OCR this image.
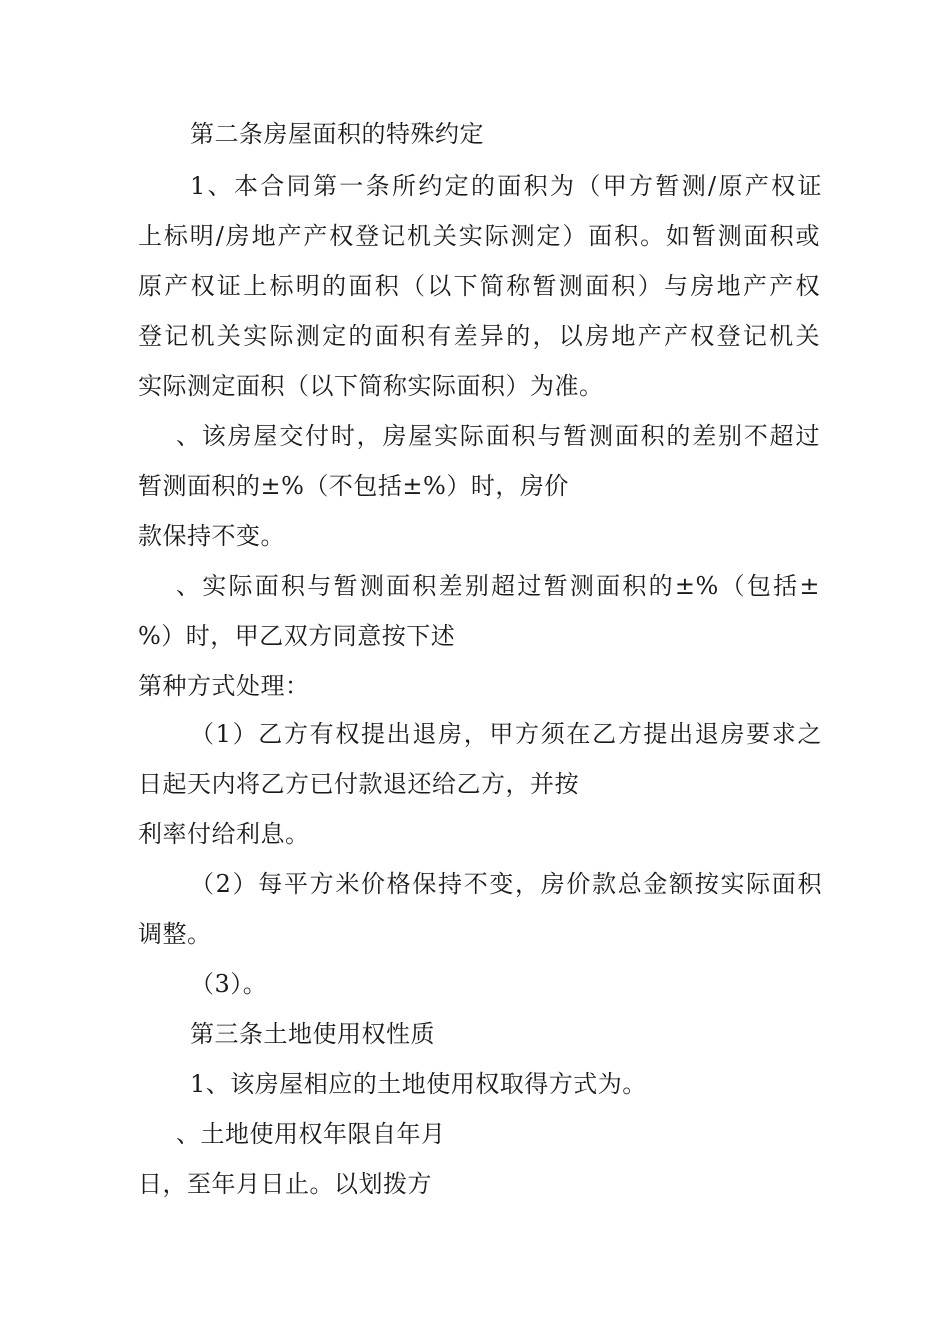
第二条房屋面积的特殊约定
1、本合同第一条所约定的面积为（甲方暂测/原产权证
上标明/房地产产权登记机关实际测定）面积。如暂测面积或
原产权证上标明的面积（以下简称暂测面积）与房地产产权
登记机关实际测定的面积有差异的，以房地产产权登记机关
实际测定面积（以下简称实际面积）为准。
、该房屋交付时，房屋实际面积与暂测面积的差别不超过
暂测面积的±%（不包括±%）时，房价
款保持不变。
、实际面积与暂测面积差别超过暂测面积的±%（包括±
%）时，甲乙双方同意按下述
第种方式处理：
（1）乙方有权提出退房，甲方须在乙方提出退房要求之
日起天内将乙方已付款退还给乙方，并按
利率付给利息。
（2）每平方米价格保持不变，房价款总金额按实际面积
调整。
（3）。
第三条土地使用权性质
1、该房屋相应的土地使用权取得方式为。
、土地使用权年限自年月
日，至年月日止。以划拨方
